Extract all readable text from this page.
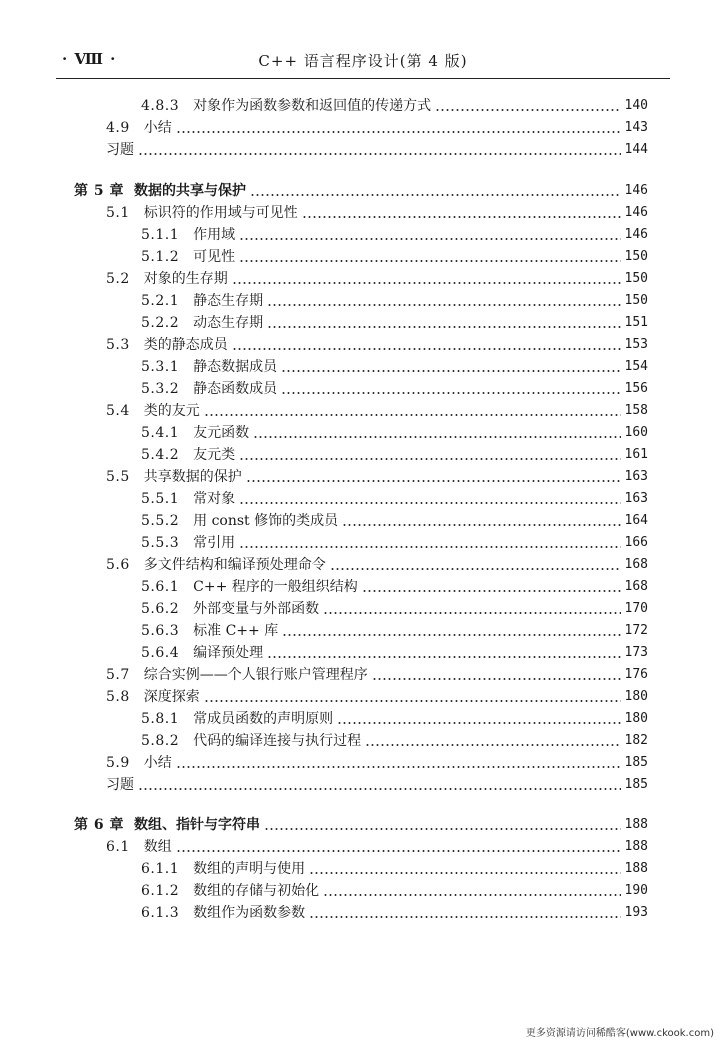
· Ⅷ ·	C++ 语言程序设计(第 4 版)
4.8.3	对象作为函数参数和返回值的传递方式	140
4.9	小结	143
习题	144
第 5 章 数据的共享与保护	146
5.1	标识符的作用域与可见性	146
5.1.1	作用域	146
5.1.2	可见性	150
5.2	对象的生存期	150
5.2.1	静态生存期	150
5.2.2	动态生存期	151
5.3	类的静态成员	153
5.3.1	静态数据成员	154
5.3.2	静态函数成员	156
5.4	类的友元	158
5.4.1	友元函数	160
5.4.2	友元类	161
5.5	共享数据的保护	163
5.5.1	常对象	163
5.5.2	用 const 修饰的类成员	164
5.5.3	常引用	166
5.6	多文件结构和编译预处理命令	168
5.6.1	C++ 程序的一般组织结构	168
5.6.2	外部变量与外部函数	170
5.6.3	标准 C++ 库	172
5.6.4	编译预处理	173
5.7	综合实例——个人银行账户管理程序	176
5.8	深度探索	180
5.8.1	常成员函数的声明原则	180
5.8.2	代码的编译连接与执行过程	182
5.9	小结	185
习题	185
第 6 章 数组、指针与字符串	188
6.1	数组	188
6.1.1	数组的声明与使用	188
6.1.2	数组的存储与初始化	190
6.1.3	数组作为函数参数	193
更多资源请访问稀酷客(www.ckook.com)
